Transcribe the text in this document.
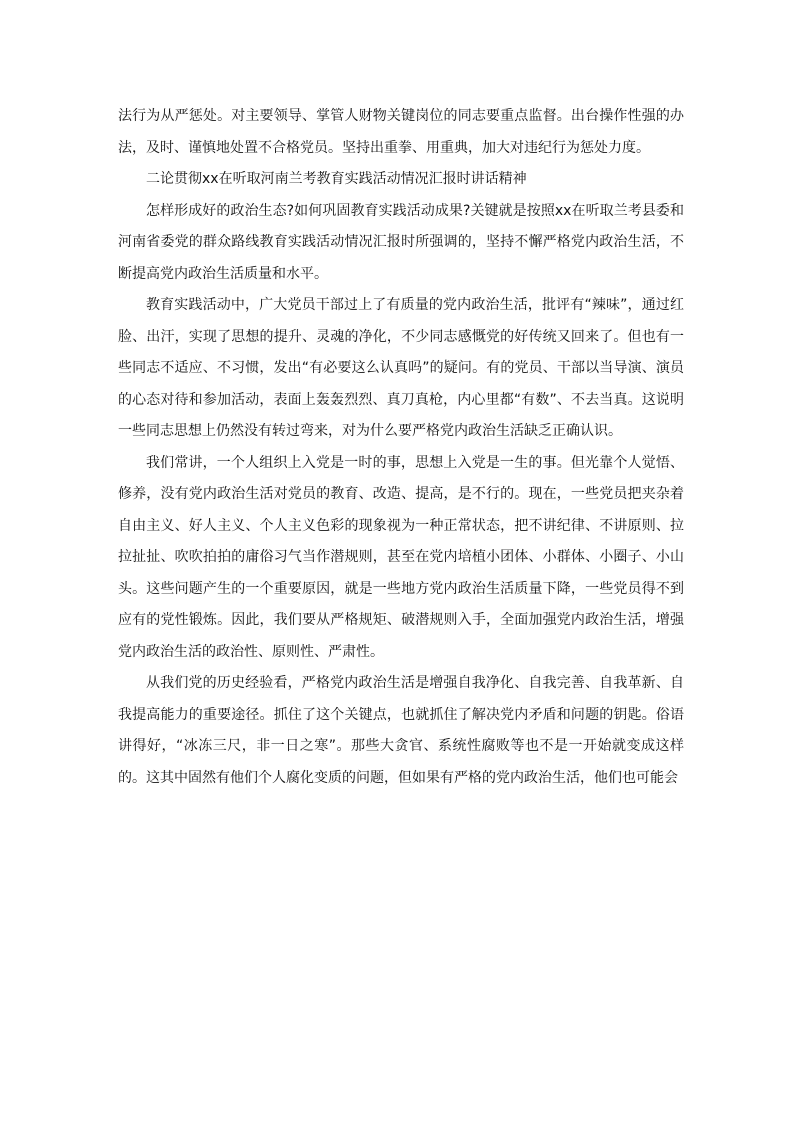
法行为从严惩处。对主要领导、掌管人财物关键岗位的同志要重点监督。出台操作性强的办法，及时、谨慎地处置不合格党员。坚持出重拳、用重典，加大对违纪行为惩处力度。

二论贯彻xx在听取河南兰考教育实践活动情况汇报时讲话精神

怎样形成好的政治生态?如何巩固教育实践活动成果?关键就是按照xx在听取兰考县委和河南省委党的群众路线教育实践活动情况汇报时所强调的，坚持不懈严格党内政治生活，不断提高党内政治生活质量和水平。

教育实践活动中，广大党员干部过上了有质量的党内政治生活，批评有“辣味”，通过红脸、出汗，实现了思想的提升、灵魂的净化，不少同志感慨党的好传统又回来了。但也有一些同志不适应、不习惯，发出“有必要这么认真吗”的疑问。有的党员、干部以当导演、演员的心态对待和参加活动，表面上轰轰烈烈、真刀真枪，内心里都“有数”、不去当真。这说明一些同志思想上仍然没有转过弯来，对为什么要严格党内政治生活缺乏正确认识。

我们常讲，一个人组织上入党是一时的事，思想上入党是一生的事。但光靠个人觉悟、修养，没有党内政治生活对党员的教育、改造、提高，是不行的。现在，一些党员把夹杂着自由主义、好人主义、个人主义色彩的现象视为一种正常状态，把不讲纪律、不讲原则、拉拉扯扯、吹吹拍拍的庸俗习气当作潜规则，甚至在党内培植小团体、小群体、小圈子、小山头。这些问题产生的一个重要原因，就是一些地方党内政治生活质量下降，一些党员得不到应有的党性锻炼。因此，我们要从严格规矩、破潜规则入手，全面加强党内政治生活，增强党内政治生活的政治性、原则性、严肃性。

从我们党的历史经验看，严格党内政治生活是增强自我净化、自我完善、自我革新、自我提高能力的重要途径。抓住了这个关键点，也就抓住了解决党内矛盾和问题的钥匙。俗语讲得好，“冰冻三尺，非一日之寒”。那些大贪官、系统性腐败等也不是一开始就变成这样的。这其中固然有他们个人腐化变质的问题，但如果有严格的党内政治生活，他们也可能会
